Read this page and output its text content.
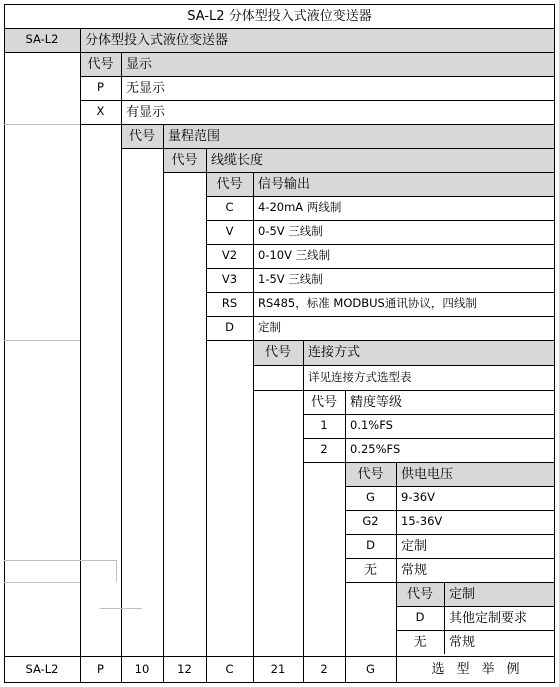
SA-L2 分体型投入式液位变送器
SA-L2	分体型投入式液位变送器
代号 显示
P	无显示
X	有显示
代号	量程范围
代号	线缆长度
代号	信号输出
C	4-20mA 两线制
V	0-5V 三线制
V2	0-10V 三线制
V3	1-5V 三线制
RS	RS485，标准 MODBUS通讯协议，四线制
D	定制
代号	连接方式
详见连接方式选型表
代号	精度等级
1	0.1%FS
2	0.25%FS
代号	供电电压
G	9-36V
G2	15-36V
D	定制
无	常规
代号	定制
D	其他定制要求
无	常规
SA-L2	P	10	12	C	21	2	G	选型举例
